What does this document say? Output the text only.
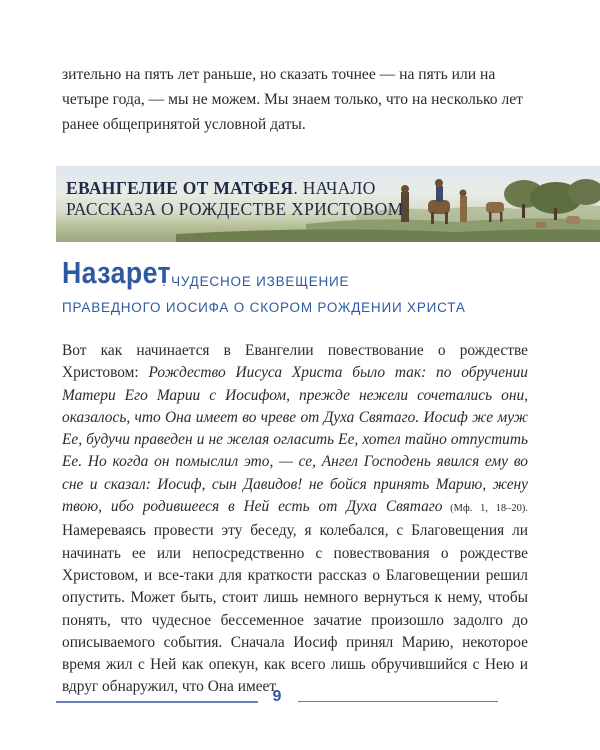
зительно на пять лет раньше, но сказать точнее — на пять или на четыре года, — мы не можем. Мы знаем только, что на несколько лет ранее общепринятой условной даты.

ЕВАНГЕЛИЕ ОТ МАТФЕЯ. НАЧАЛО
РАССКАЗА О РОЖДЕСТВЕ ХРИСТОВОМ
Назарет
. ЧУДЕСНОЕ ИЗВЕЩЕНИЕ
ПРАВЕДНОГО ИОСИФА О СКОРОМ РОЖДЕНИИ ХРИСТА

Вот как начинается в Евангелии повествование о рождестве Христовом: Рождество Иисуса Христа было так: по обручении Матери Его Марии с Иосифом, прежде нежели сочетались они, оказалось, что Она имеет во чреве от Духа Святаго. Иосиф же муж Ее, будучи праведен и не желая огласить Ее, хотел тайно отпустить Ее. Но когда он помыслил это, — се, Ангел Господень явился ему во сне и сказал: Иосиф, сын Давидов! не бойся принять Марию, жену твою, ибо родившееся в Ней есть от Духа Святаго (Мф. 1, 18–20). Намереваясь провести эту беседу, я колебался, с Благовещения ли начинать ее или непосредственно с повествования о рождестве Христовом, и все-таки для краткости рассказ о Благовещении решил опустить. Может быть, стоит лишь немного вернуться к нему, чтобы понять, что чудесное бессеменное зачатие произошло задолго до описываемого события. Сначала Иосиф принял Марию, некоторое время жил с Ней как опекун, как всего лишь обручившийся с Нею и вдруг обнаружил, что Она имеет

9
